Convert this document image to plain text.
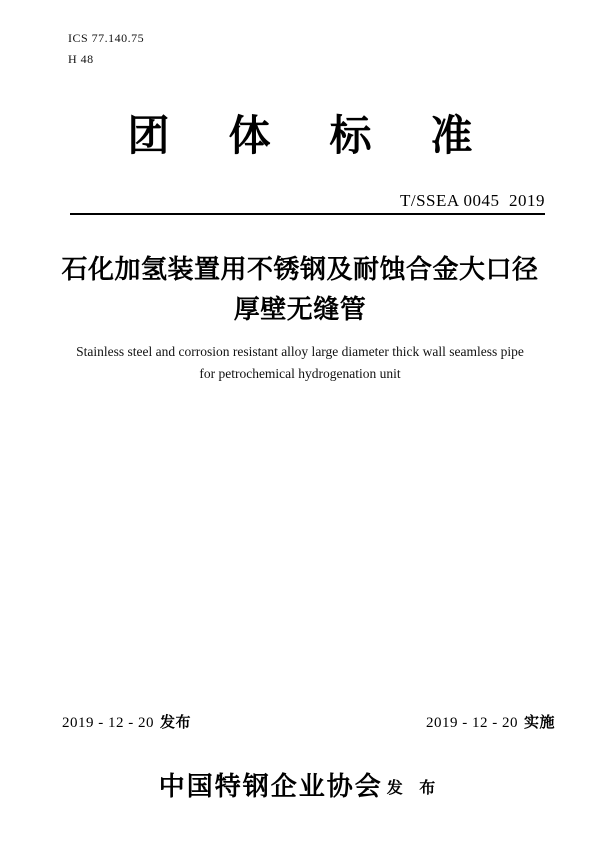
ICS 77.140.75
H 48
团体标准
T/SSEA 0045  2019
石化加氢装置用不锈钢及耐蚀合金大口径
厚壁无缝管
Stainless steel and corrosion resistant alloy large diameter thick wall seamless pipe
for petrochemical hydrogenation unit
2019 - 12 - 20 发布	2019 - 12 - 20 实施
中国特钢企业协会 发 布
